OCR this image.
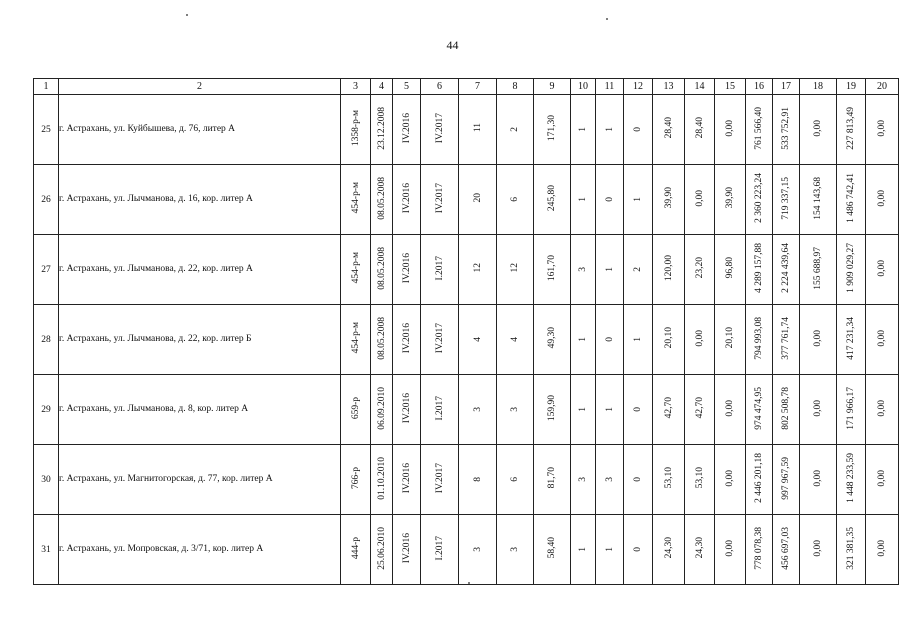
44
1	2	3	4	5	6	7	8	9	10	11	12	13	14	15	16	17	18	19	20
25	г. Астрахань, ул. Куйбышева, д. 76, литер А	1358-р-м	23.12.2008	IV.2016	IV.2017	11	2	171,30	1	1	0	28,40	28,40	0,00	761 566,40	533 752,91	0,00	227 813,49	0,00
26	г. Астрахань, ул. Лычманова, д. 16, кор. литер А	454-р-м	08.05.2008	IV.2016	IV.2017	20	6	245,80	1	0	1	39,90	0,00	39,90	2 360 223,24	719 337,15	154 143,68	1 486 742,41	0,00
27	г. Астрахань, ул. Лычманова, д. 22, кор. литер А	454-р-м	08.05.2008	IV.2016	I.2017	12	12	161,70	3	1	2	120,00	23,20	96,80	4 289 157,88	2 224 439,64	155 688,97	1 909 029,27	0,00
28	г. Астрахань, ул. Лычманова, д. 22, кор. литер Б	454-р-м	08.05.2008	IV.2016	IV.2017	4	4	49,30	1	0	1	20,10	0,00	20,10	794 993,08	377 761,74	0,00	417 231,34	0,00
29	г. Астрахань, ул. Лычманова, д. 8, кор. литер А	659-р	06.09.2010	IV.2016	I.2017	3	3	159,90	1	1	0	42,70	42,70	0,00	974 474,95	802 508,78	0,00	171 966,17	0,00
30	г. Астрахань, ул. Магнитогорская, д. 77, кор. литер А	766-р	01.10.2010	IV.2016	IV.2017	8	6	81,70	3	3	0	53,10	53,10	0,00	2 446 201,18	997 967,59	0,00	1 448 233,59	0,00
31	г. Астрахань, ул. Мопровская, д. 3/71, кор. литер А	444-р	25.06.2010	IV.2016	I.2017	3	3	58,40	1	1	0	24,30	24,30	0,00	778 078,38	456 697,03	0,00	321 381,35	0,00
